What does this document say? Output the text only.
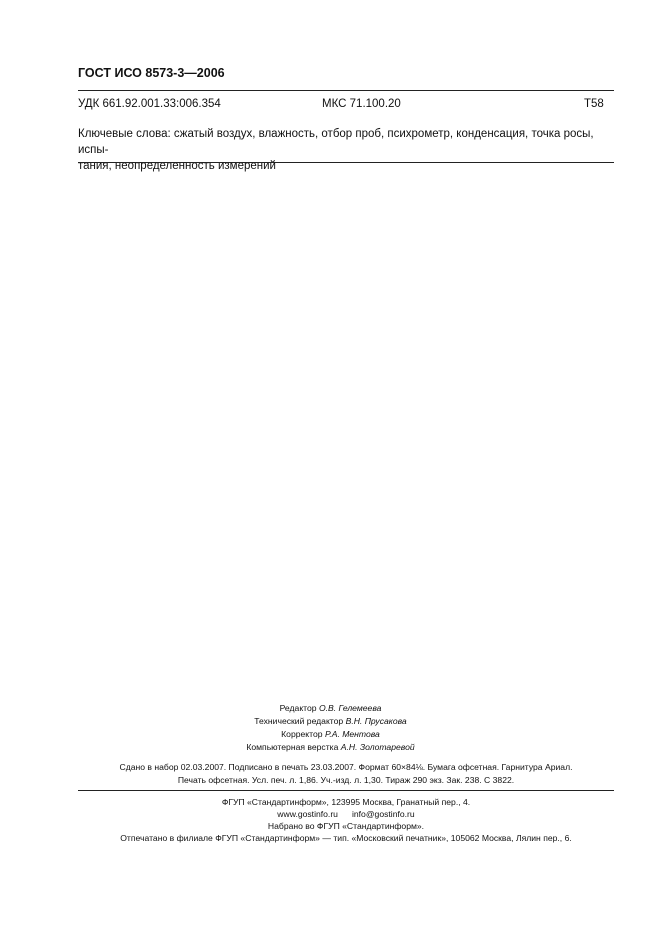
ГОСТ ИСО 8573-3—2006
УДК 661.92.001.33:006.354	МКС 71.100.20	Т58
Ключевые слова: сжатый воздух, влажность, отбор проб, психрометр, конденсация, точка росы, испы-
тания, неопределенность измерений
Редактор О.В. Гелемеева
Технический редактор В.Н. Прусакова
Корректор Р.А. Ментова
Компьютерная верстка А.Н. Золотаревой
Сдано в набор 02.03.2007. Подписано в печать 23.03.2007. Формат 60×84⅛. Бумага офсетная. Гарнитура Ариал.
Печать офсетная. Усл. печ. л. 1,86. Уч.-изд. л. 1,30. Тираж 290 экз. Зак. 238. С 3822.
ФГУП «Стандартинформ», 123995 Москва, Гранатный пер., 4.
www.gostinfo.ru info@gostinfo.ru
Набрано во ФГУП «Стандартинформ».
Отпечатано в филиале ФГУП «Стандартинформ» — тип. «Московский печатник», 105062 Москва, Лялин пер., 6.
